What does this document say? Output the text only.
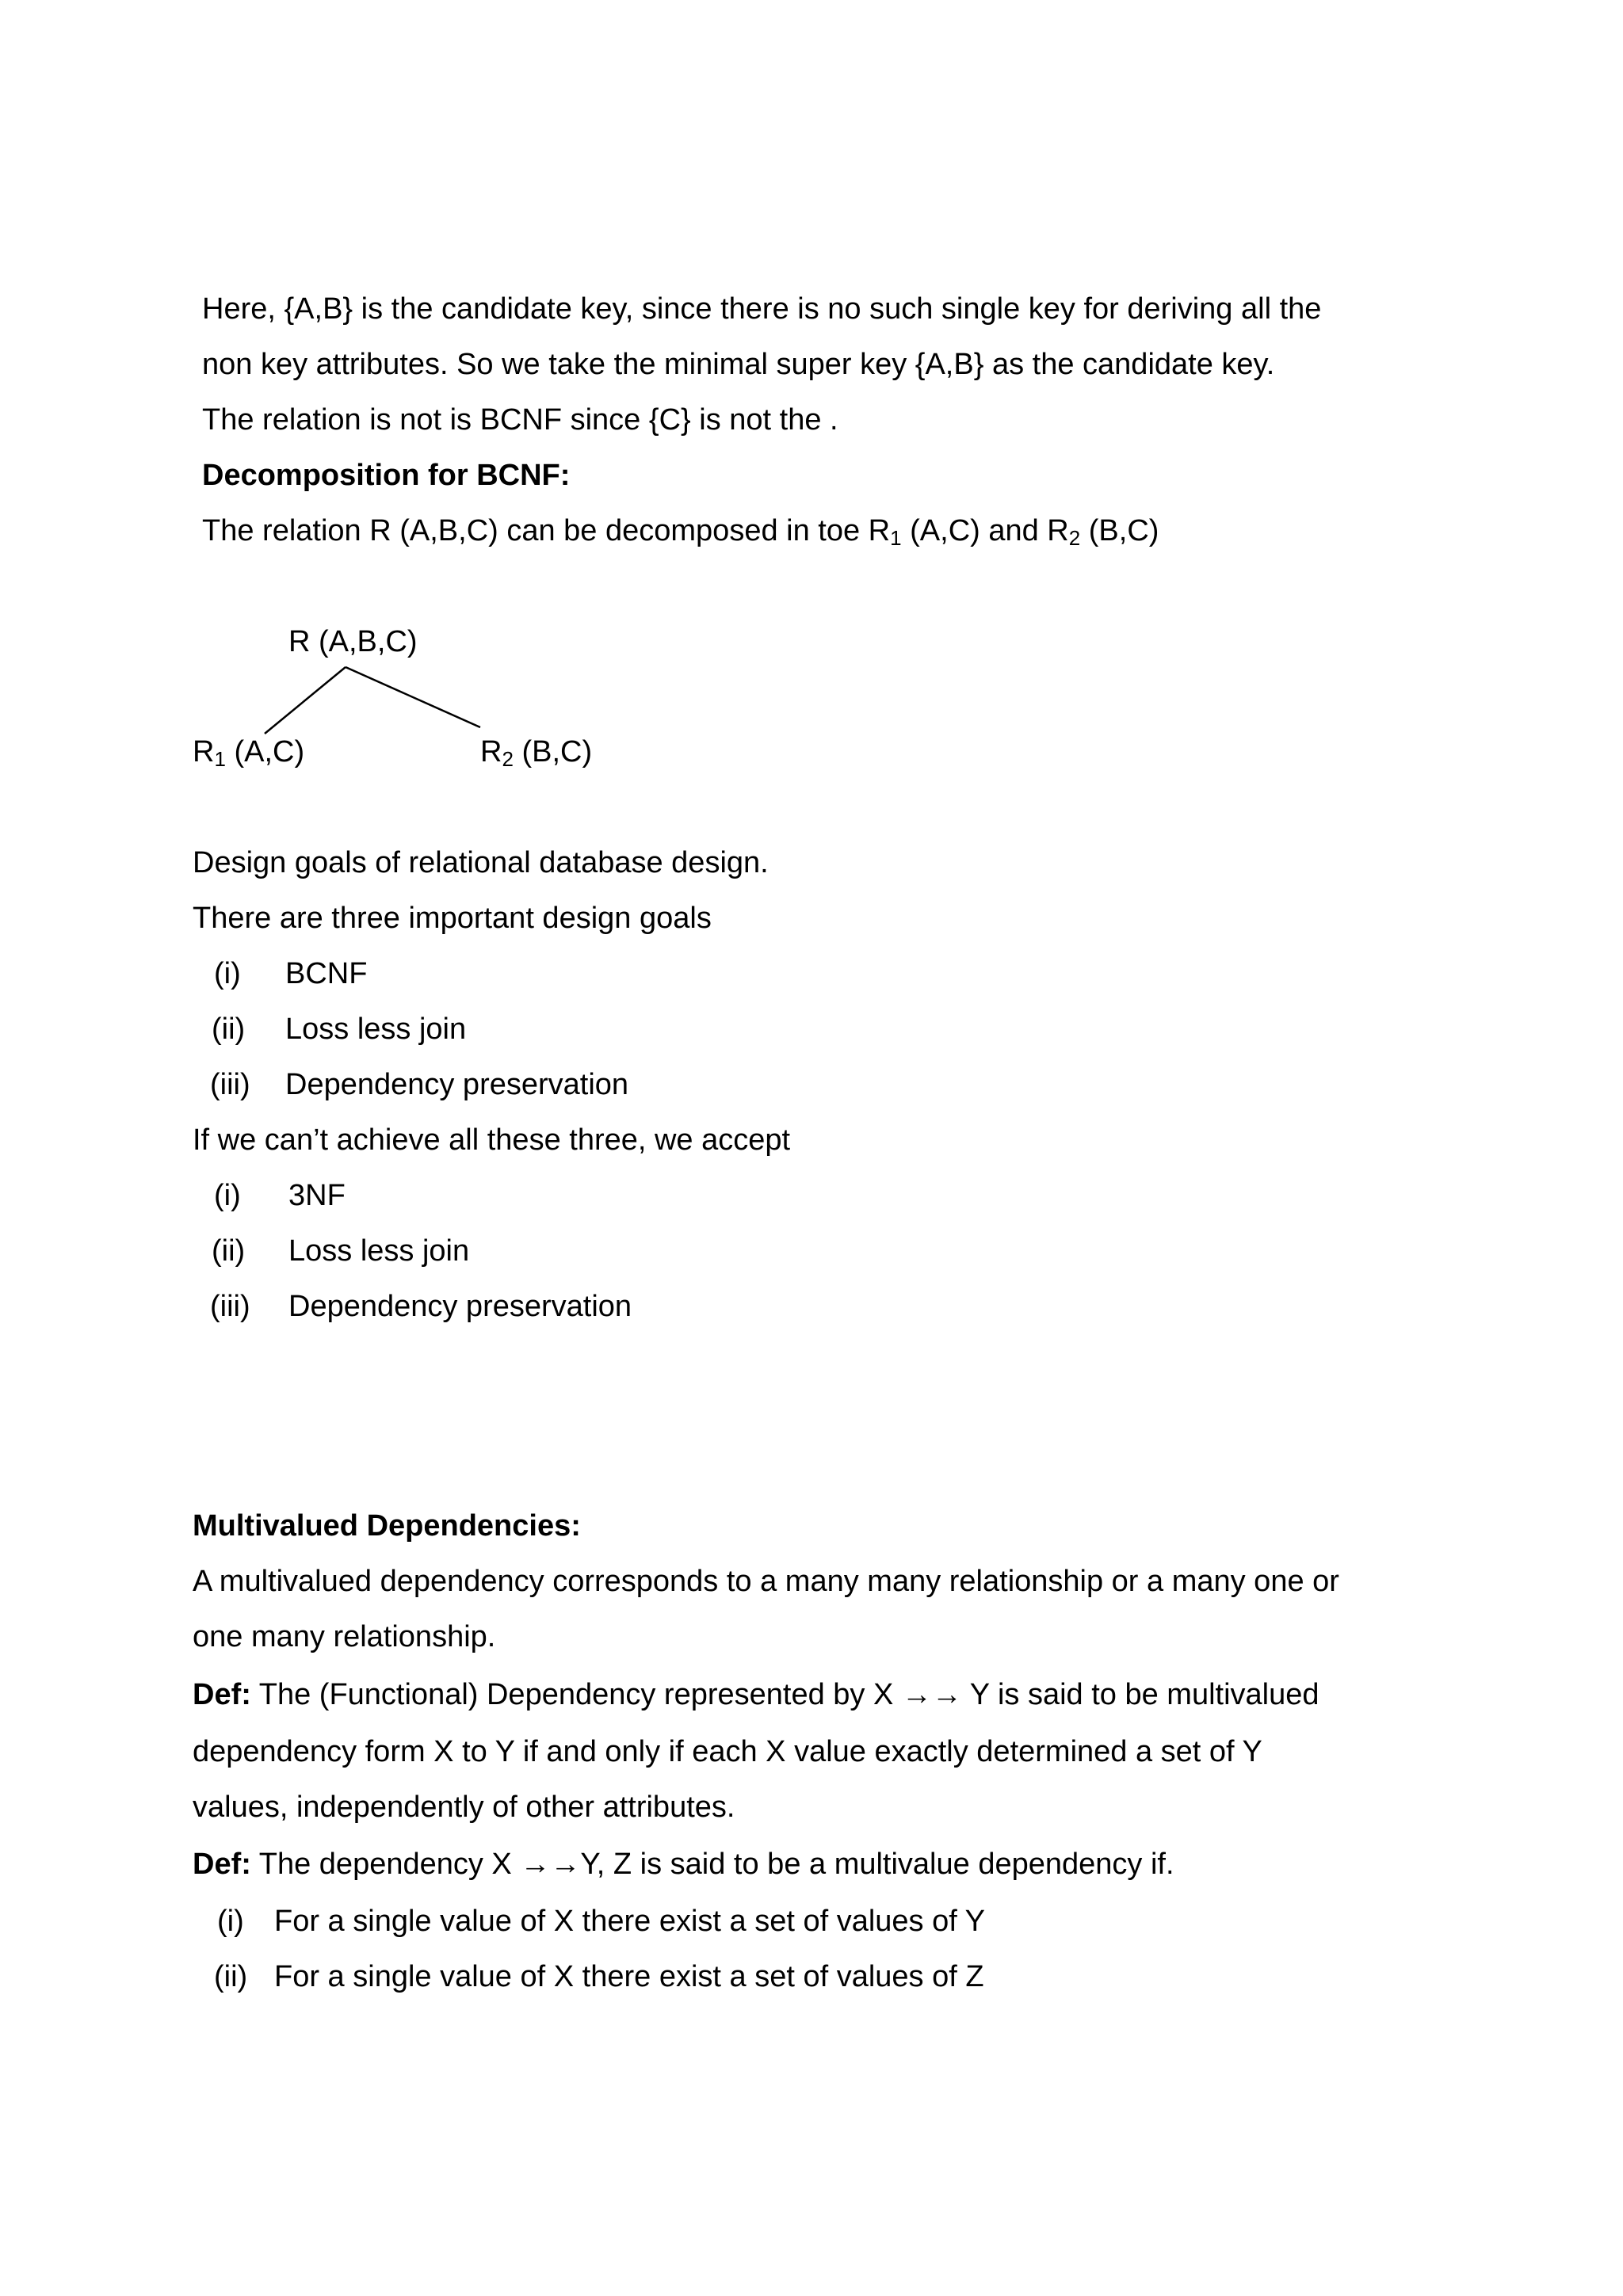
Here, {A,B} is the candidate key, since there is no such single key for deriving all the
non key attributes. So we take the minimal super key {A,B} as the candidate key.
The relation is not is BCNF since {C} is not the .
Decomposition for BCNF:
The relation R (A,B,C) can be decomposed in toe $R_1$ (A,C) and $R_2$ (B,C)
R (A,B,C)
$R_1$ (A,C)	$R_2$ (B,C)
Design goals of relational database design.
There are three important design goals
(i) BCNF
(ii) Loss less join
(iii) Dependency preservation
If we can’t achieve all these three, we accept
(i) 3NF
(ii) Loss less join
(iii) Dependency preservation
Multivalued Dependencies:
A multivalued dependency corresponds to a many many relationship or a many one or
one many relationship.
Def: The (Functional) Dependency represented by X →→ Y is said to be multivalued
dependency form X to Y if and only if each X value exactly determined a set of Y
values, independently of other attributes.
Def: The dependency X →→Y, Z is said to be a multivalue dependency if.
(i) For a single value of X there exist a set of values of Y
(ii) For a single value of X there exist a set of values of Z
